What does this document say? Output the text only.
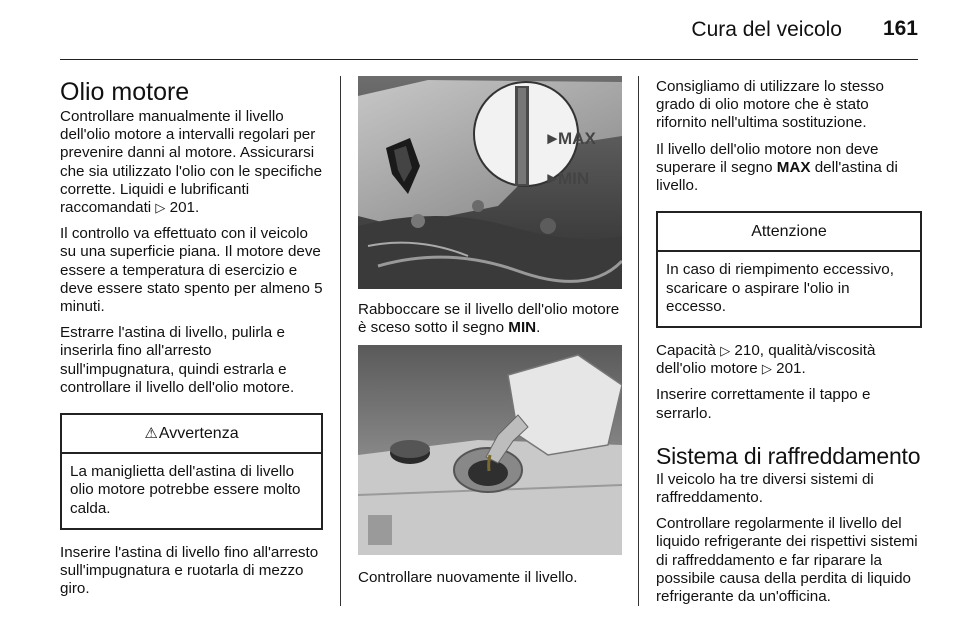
Cura del veicolo 161
Olio motore

Controllare manualmente il livello dell'olio motore a intervalli regolari per prevenire danni al motore. Assicurarsi che sia utilizzato l'olio con le specifiche corrette. Liquidi e lubrificanti raccomandati ▷ 201.

Il controllo va effettuato con il veicolo su una superficie piana. Il motore deve essere a temperatura di esercizio e deve essere stato spento per almeno 5 minuti.

Estrarre l'astina di livello, pulirla e inserirla fino all'arresto sull'impugnatura, quindi estrarla e controllare il livello dell'olio motore.

⚠Avvertenza
La maniglietta dell'astina di livello olio motore potrebbe essere molto calda.

Inserire l'astina di livello fino all'arresto sull'impugnatura e ruotarla di mezzo giro.

►
MAX
►
MIN

Rabboccare se il livello dell'olio motore è sceso sotto il segno MIN.

Controllare nuovamente il livello.

Consigliamo di utilizzare lo stesso grado di olio motore che è stato rifornito nell'ultima sostituzione.

Il livello dell'olio motore non deve superare il segno MAX dell'astina di livello.

Attenzione
In caso di riempimento eccessivo, scaricare o aspirare l'olio in eccesso.

Capacità ▷ 210, qualità/viscosità dell'olio motore ▷ 201.

Inserire correttamente il tappo e serrarlo.

Sistema di raffreddamento

Il veicolo ha tre diversi sistemi di raffreddamento.

Controllare regolarmente il livello del liquido refrigerante dei rispettivi sistemi di raffreddamento e far riparare la possibile causa della perdita di liquido refrigerante da un'officina.
